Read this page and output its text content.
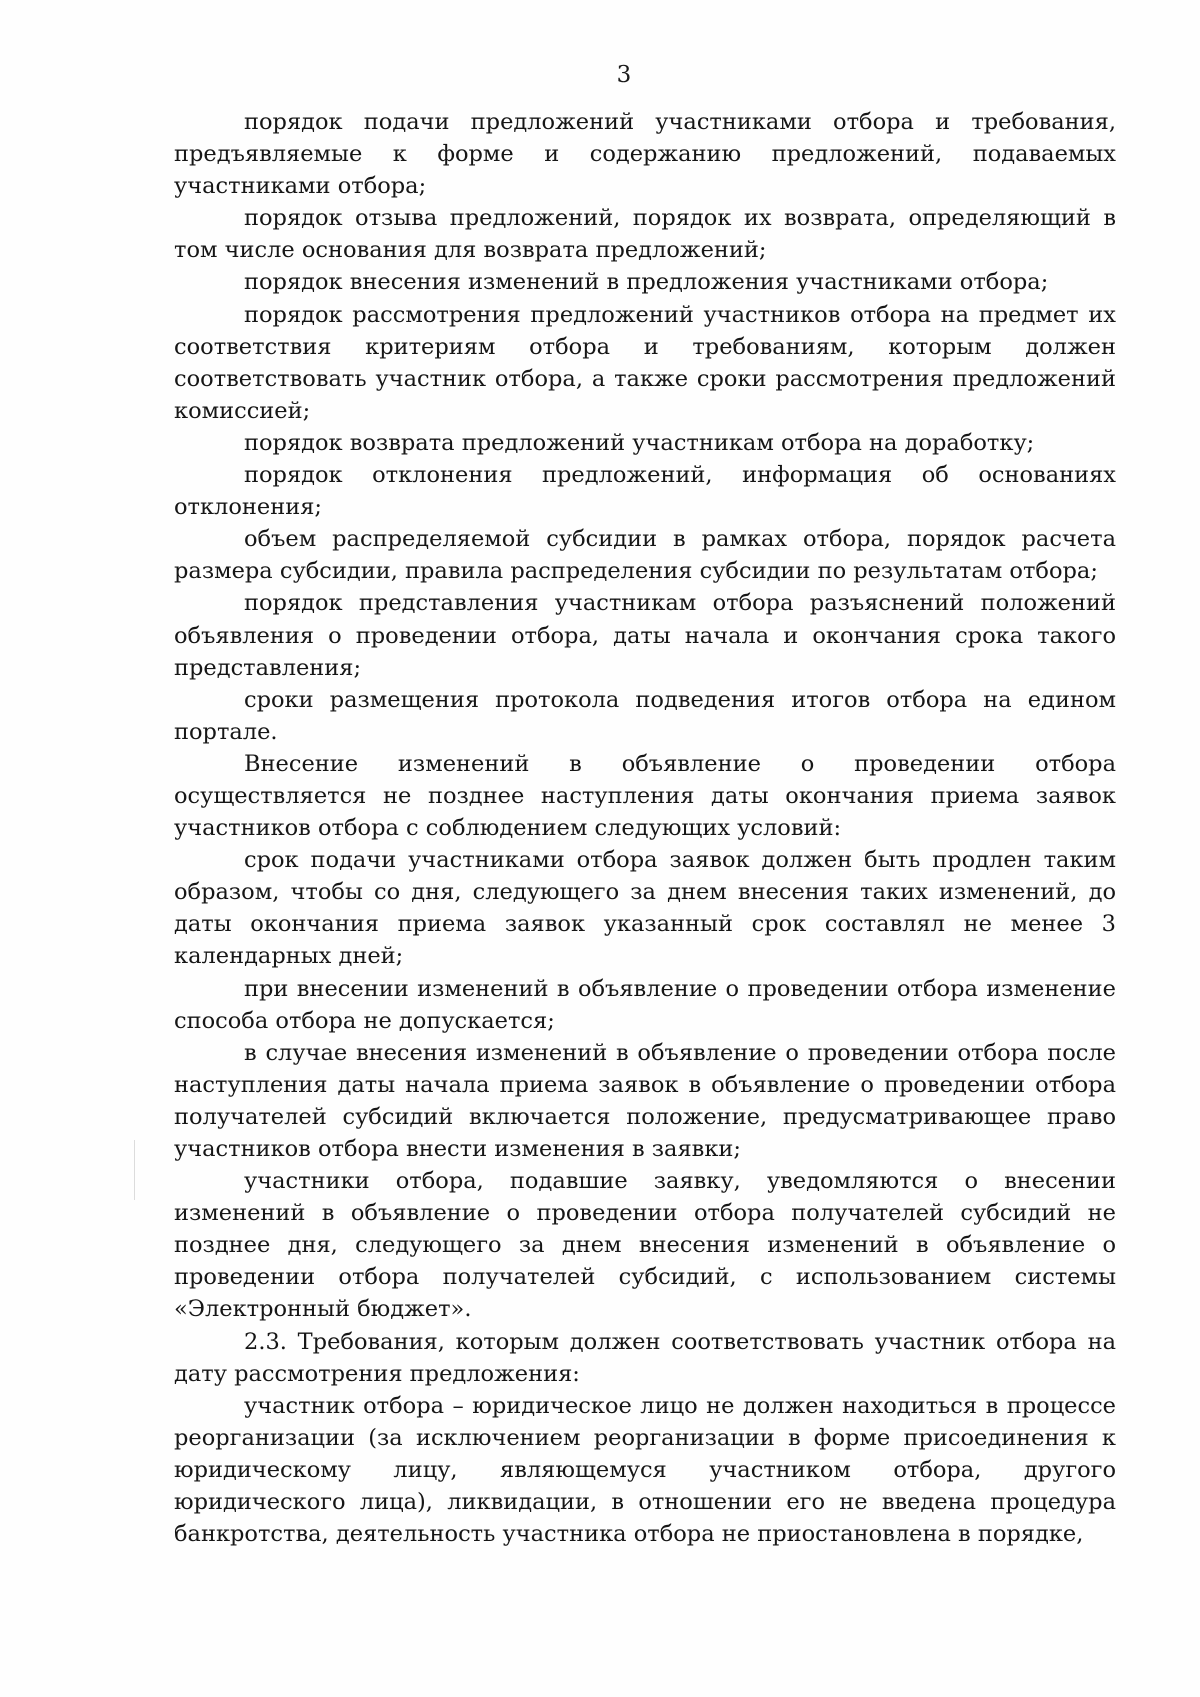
3

порядок подачи предложений участниками отбора и требования, предъявляемые к форме и содержанию предложений, подаваемых участниками отбора;

порядок отзыва предложений, порядок их возврата, определяющий в том числе основания для возврата предложений;

порядок внесения изменений в предложения участниками отбора;

порядок рассмотрения предложений участников отбора на предмет их соответствия критериям отбора и требованиям, которым должен соответствовать участник отбора, а также сроки рассмотрения предложений комиссией;

порядок возврата предложений участникам отбора на доработку;

порядок отклонения предложений, информация об основаниях отклонения;

объем распределяемой субсидии в рамках отбора, порядок расчета размера субсидии, правила распределения субсидии по результатам отбора;

порядок представления участникам отбора разъяснений положений объявления о проведении отбора, даты начала и окончания срока такого представления;

сроки размещения протокола подведения итогов отбора на едином портале.

Внесение изменений в объявление о проведении отбора осуществляется не позднее наступления даты окончания приема заявок участников отбора с соблюдением следующих условий:

срок подачи участниками отбора заявок должен быть продлен таким образом, чтобы со дня, следующего за днем внесения таких изменений, до даты окончания приема заявок указанный срок составлял не менее 3 календарных дней;

при внесении изменений в объявление о проведении отбора изменение способа отбора не допускается;

в случае внесения изменений в объявление о проведении отбора после наступления даты начала приема заявок в объявление о проведении отбора получателей субсидий включается положение, предусматривающее право участников отбора внести изменения в заявки;

участники отбора, подавшие заявку, уведомляются о внесении изменений в объявление о проведении отбора получателей субсидий не позднее дня, следующего за днем внесения изменений в объявление о проведении отбора получателей субсидий, с использованием системы «Электронный бюджет».

2.3. Требования, которым должен соответствовать участник отбора на дату рассмотрения предложения:

участник отбора – юридическое лицо не должен находиться в процессе реорганизации (за исключением реорганизации в форме присоединения к юридическому лицу, являющемуся участником отбора, другого юридического лица), ликвидации, в отношении его не введена процедура банкротства, деятельность участника отбора не приостановлена в порядке,
